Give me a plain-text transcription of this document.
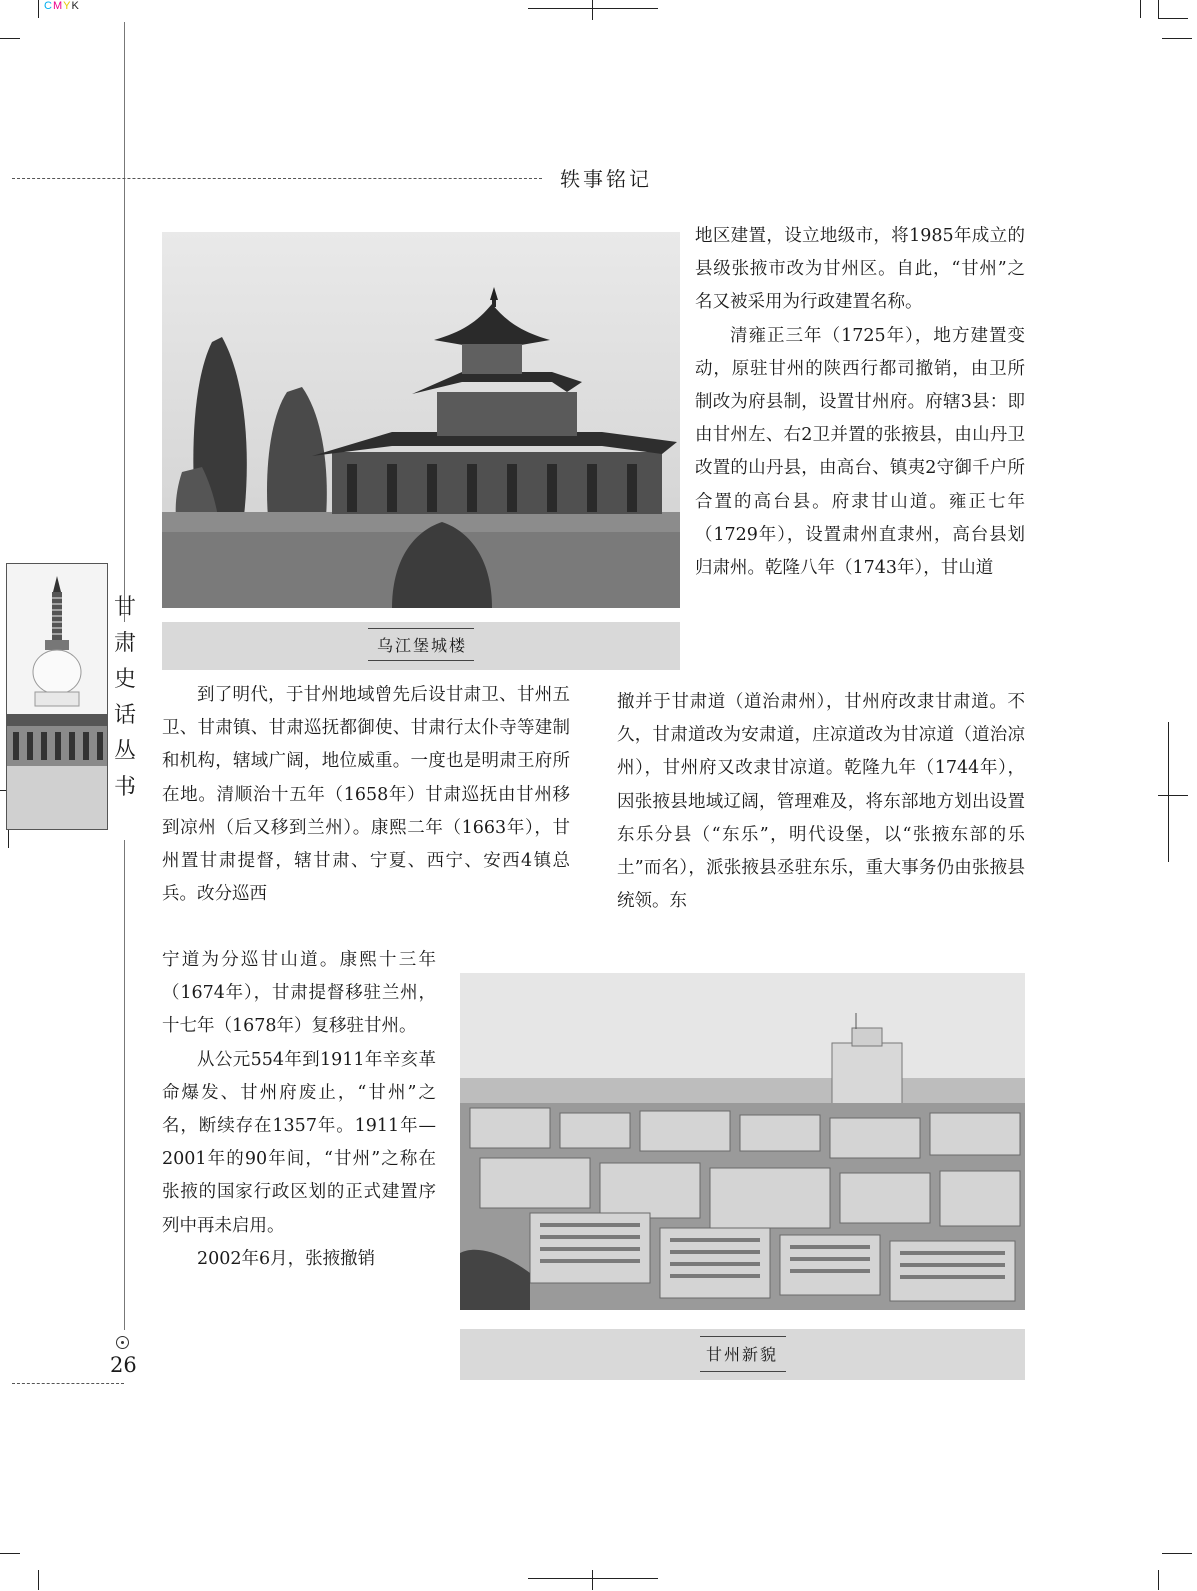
CMYK
轶事铭记
甘
肃
史
话
丛
书
26
乌江堡城楼

地区建置，设立地级市，将1985年成立的县级张掖市改为甘州区。自此，“甘州”之名又被采用为行政建置名称。

清雍正三年（1725年），地方建置变动，原驻甘州的陕西行都司撤销，由卫所制改为府县制，设置甘州府。府辖3县：即由甘州左、右2卫并置的张掖县，由山丹卫改置的山丹县，由高台、镇夷2守御千户所合置的高台县。府隶甘山道。雍正七年（1729年），设置肃州直隶州，高台县划归肃州。乾隆八年（1743年），甘山道

撤并于甘肃道（道治肃州），甘州府改隶甘肃道。不久，甘肃道改为安肃道，庄凉道改为甘凉道（道治凉州），甘州府又改隶甘凉道。乾隆九年（1744年），因张掖县地域辽阔，管理难及，将东部地方划出设置东乐分县（“东乐”，明代设堡，以“张掖东部的乐土”而名），派张掖县丞驻东乐，重大事务仍由张掖县统领。东

到了明代，于甘州地域曾先后设甘肃卫、甘州五卫、甘肃镇、甘肃巡抚都御使、甘肃行太仆寺等建制和机构，辖域广阔，地位威重。一度也是明肃王府所在地。清顺治十五年（1658年）甘肃巡抚由甘州移到凉州（后又移到兰州）。康熙二年（1663年），甘州置甘肃提督，辖甘肃、宁夏、西宁、安西4镇总兵。改分巡西

宁道为分巡甘山道。康熙十三年（1674年），甘肃提督移驻兰州，十七年（1678年）复移驻甘州。

从公元554年到1911年辛亥革命爆发、甘州府废止，“甘州”之名，断续存在1357年。1911年—2001年的90年间，“甘州”之称在张掖的国家行政区划的正式建置序列中再未启用。

2002年6月，张掖撤销

甘州新貌
